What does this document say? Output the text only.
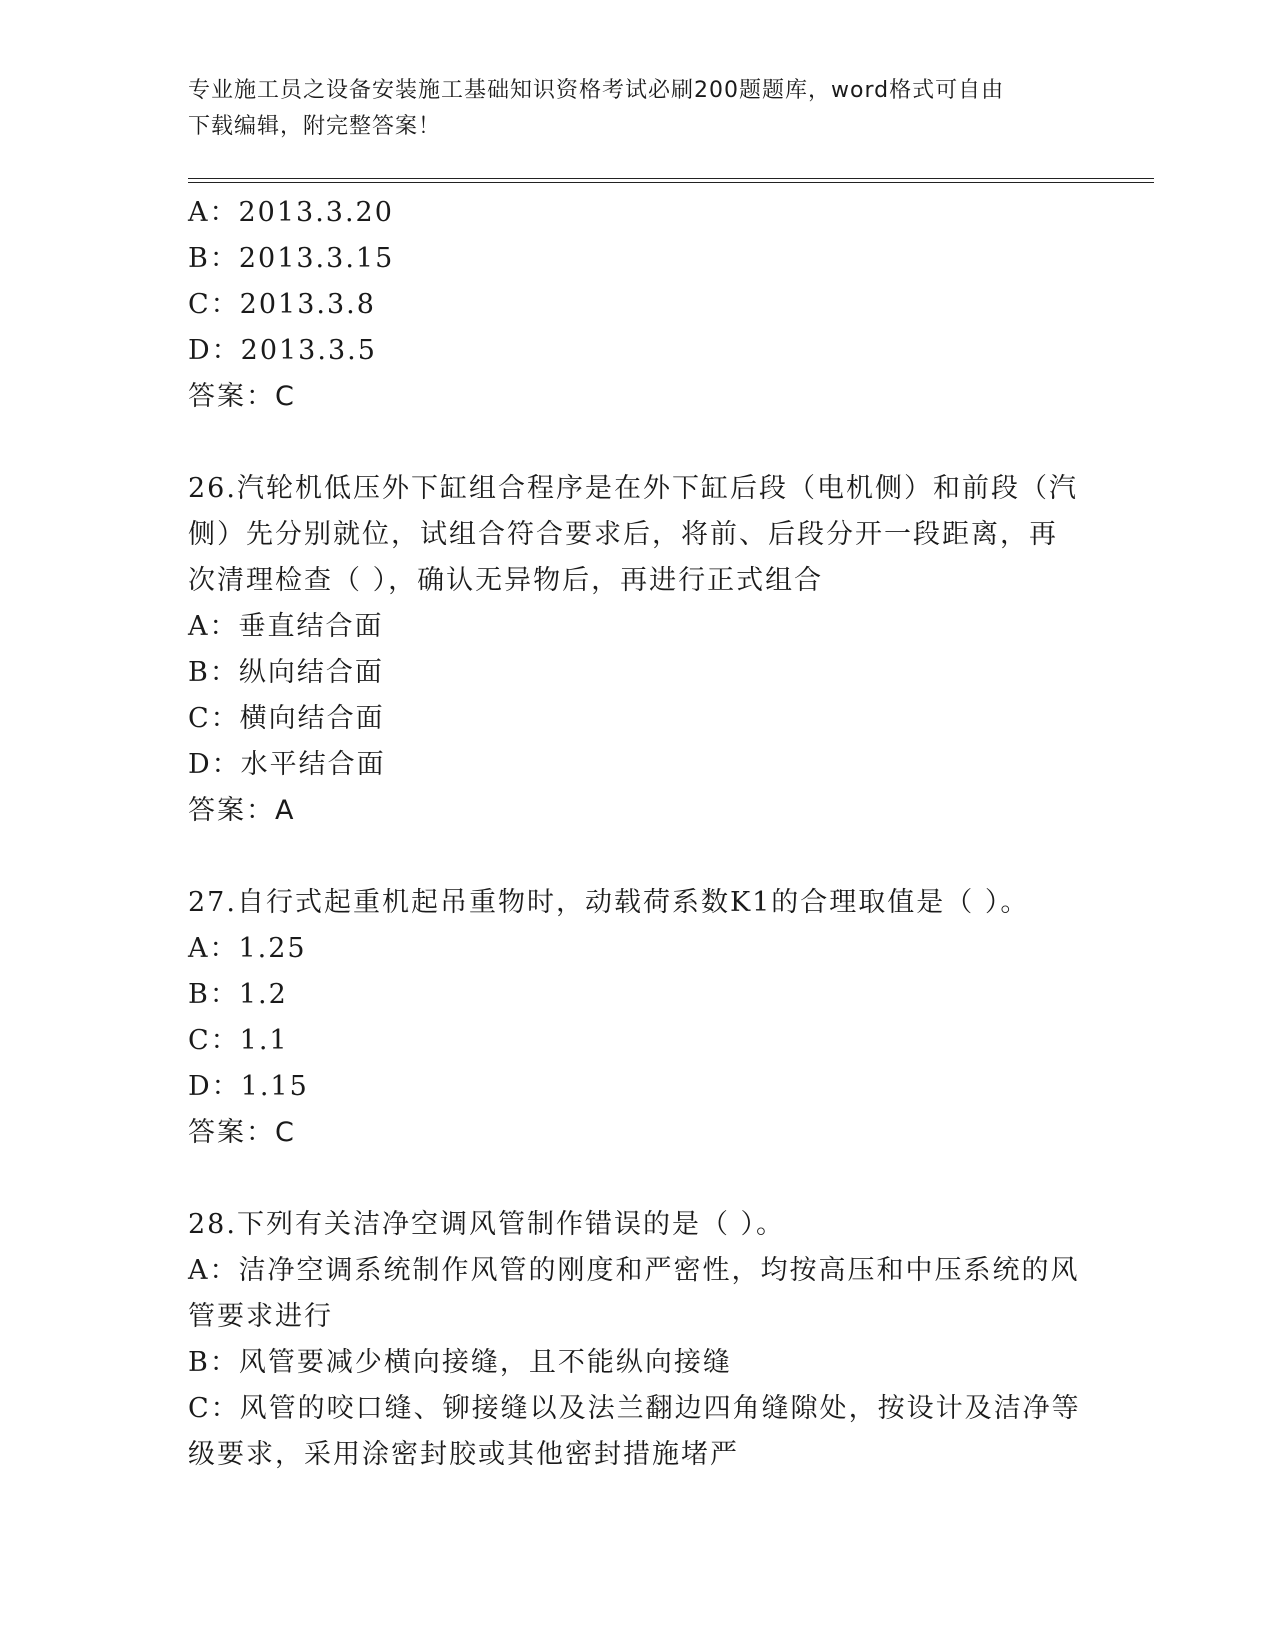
专业施工员之设备安装施工基础知识资格考试必刷200题题库，word格式可自由
下载编辑，附完整答案！

A：2013.3.20

B：2013.3.15

C：2013.3.8

D：2013.3.5

答案：C

26.汽轮机低压外下缸组合程序是在外下缸后段（电机侧）和前段（汽

侧）先分别就位，试组合符合要求后，将前、后段分开一段距离，再

次清理检查（ ），确认无异物后，再进行正式组合

A：垂直结合面

B：纵向结合面

C：横向结合面

D：水平结合面

答案：A

27.自行式起重机起吊重物时，动载荷系数K1的合理取值是（ ）。

A：1.25

B：1.2

C：1.1

D：1.15

答案：C

28.下列有关洁净空调风管制作错误的是（ ）。

A：洁净空调系统制作风管的刚度和严密性，均按高压和中压系统的风

管要求进行

B：风管要减少横向接缝，且不能纵向接缝

C：风管的咬口缝、铆接缝以及法兰翻边四角缝隙处，按设计及洁净等

级要求，采用涂密封胶或其他密封措施堵严
